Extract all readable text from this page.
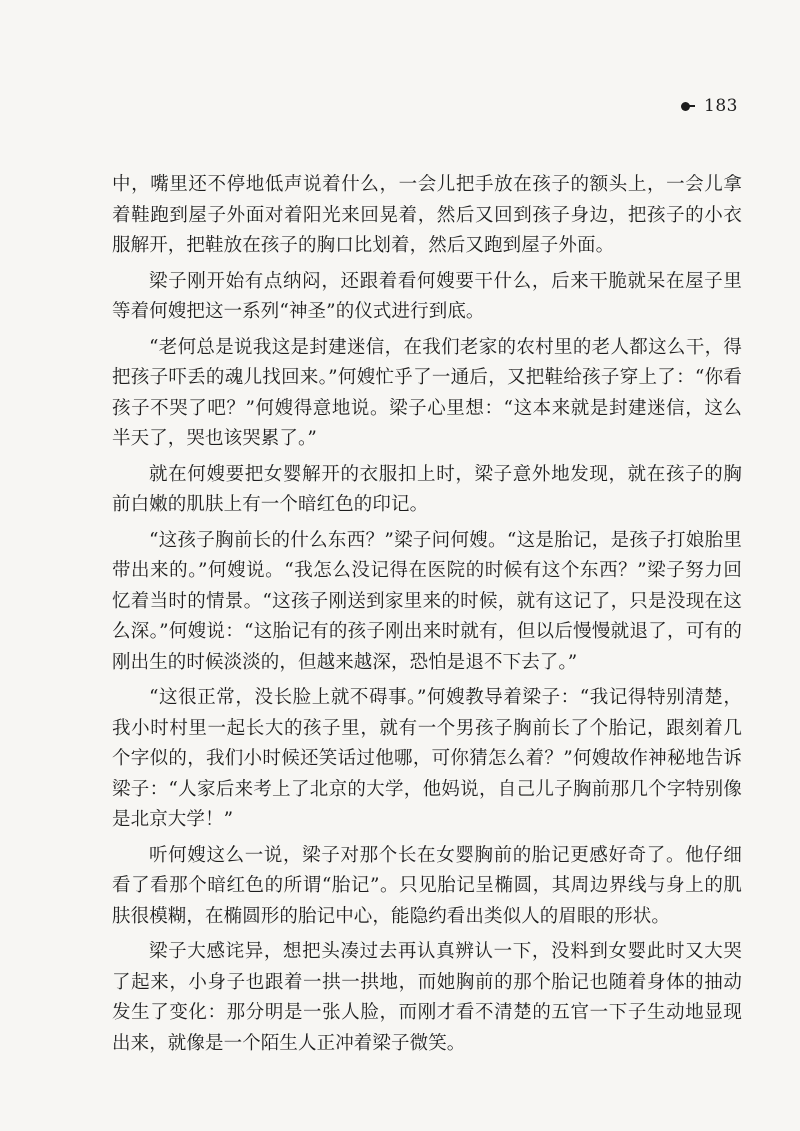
183

中，嘴里还不停地低声说着什么，一会儿把手放在孩子的额头上，一会儿拿着鞋跑到屋子外面对着阳光来回晃着，然后又回到孩子身边，把孩子的小衣服解开，把鞋放在孩子的胸口比划着，然后又跑到屋子外面。

梁子刚开始有点纳闷，还跟着看何嫂要干什么，后来干脆就呆在屋子里等着何嫂把这一系列“神圣”的仪式进行到底。

“老何总是说我这是封建迷信，在我们老家的农村里的老人都这么干，得把孩子吓丢的魂儿找回来。”何嫂忙乎了一通后，又把鞋给孩子穿上了：“你看孩子不哭了吧？”何嫂得意地说。梁子心里想：“这本来就是封建迷信，这么半天了，哭也该哭累了。”

就在何嫂要把女婴解开的衣服扣上时，梁子意外地发现，就在孩子的胸前白嫩的肌肤上有一个暗红色的印记。

“这孩子胸前长的什么东西？”梁子问何嫂。“这是胎记，是孩子打娘胎里带出来的。”何嫂说。“我怎么没记得在医院的时候有这个东西？”梁子努力回忆着当时的情景。“这孩子刚送到家里来的时候，就有这记了，只是没现在这么深。”何嫂说：“这胎记有的孩子刚出来时就有，但以后慢慢就退了，可有的刚出生的时候淡淡的，但越来越深，恐怕是退不下去了。”

“这很正常，没长脸上就不碍事。”何嫂教导着梁子：“我记得特别清楚，我小时村里一起长大的孩子里，就有一个男孩子胸前长了个胎记，跟刻着几个字似的，我们小时候还笑话过他哪，可你猜怎么着？”何嫂故作神秘地告诉梁子：“人家后来考上了北京的大学，他妈说，自己儿子胸前那几个字特别像是北京大学！”

听何嫂这么一说，梁子对那个长在女婴胸前的胎记更感好奇了。他仔细看了看那个暗红色的所谓“胎记”。只见胎记呈椭圆，其周边界线与身上的肌肤很模糊，在椭圆形的胎记中心，能隐约看出类似人的眉眼的形状。

梁子大感诧异，想把头凑过去再认真辨认一下，没料到女婴此时又大哭了起来，小身子也跟着一拱一拱地，而她胸前的那个胎记也随着身体的抽动发生了变化：那分明是一张人脸，而刚才看不清楚的五官一下子生动地显现出来，就像是一个陌生人正冲着梁子微笑。
